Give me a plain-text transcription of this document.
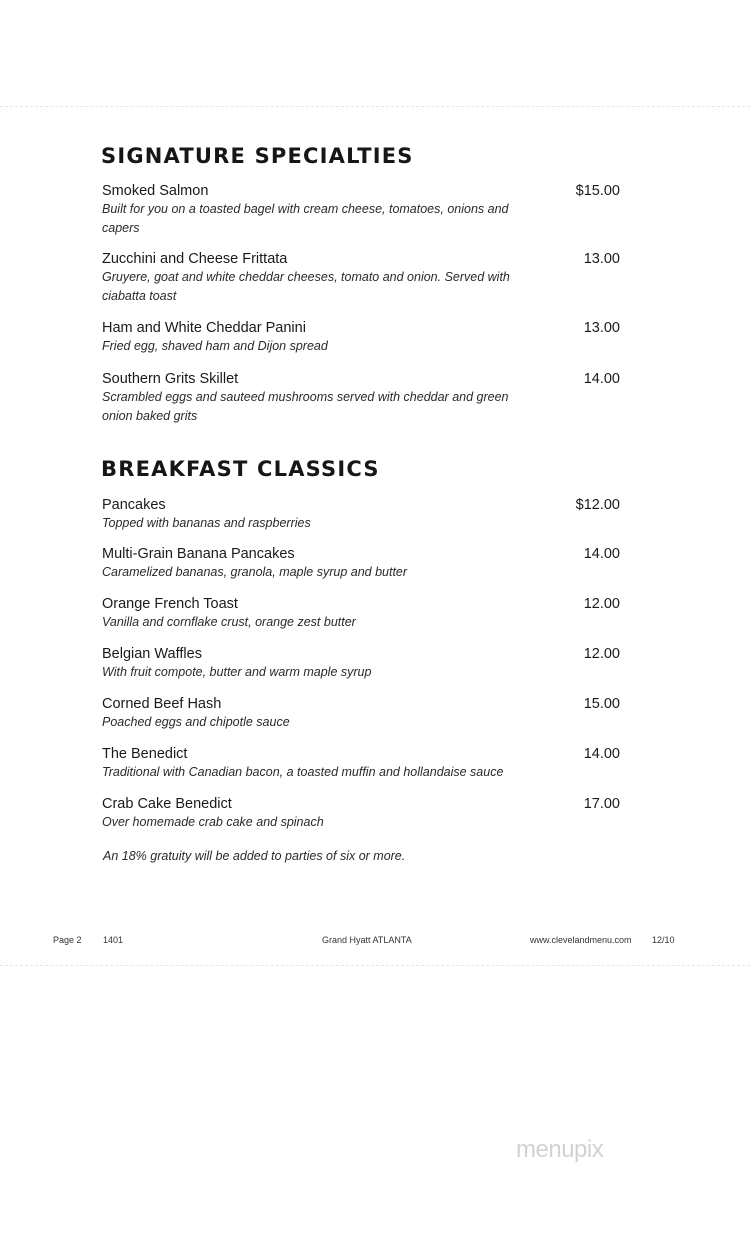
SIGNATURE SPECIALTIES
Smoked Salmon
Built for you on a toasted bagel with cream cheese, tomatoes, onions and capers
$15.00
Zucchini and Cheese Frittata
Gruyere, goat and white cheddar cheeses, tomato and onion. Served with ciabatta toast
13.00
Ham and White Cheddar Panini
Fried egg, shaved ham and Dijon spread
13.00
Southern Grits Skillet
Scrambled eggs and sauteed mushrooms served with cheddar and green onion baked grits
14.00
BREAKFAST CLASSICS
Pancakes
Topped with bananas and raspberries
$12.00
Multi-Grain Banana Pancakes
Caramelized bananas, granola, maple syrup and butter
14.00
Orange French Toast
Vanilla and cornflake crust, orange zest butter
12.00
Belgian Waffles
With fruit compote, butter and warm maple syrup
12.00
Corned Beef Hash
Poached eggs and chipotle sauce
15.00
The Benedict
Traditional with Canadian bacon, a toasted muffin and hollandaise sauce
14.00
Crab Cake Benedict
Over homemade crab cake and spinach
17.00
An 18% gratuity will be added to parties of six or more.
Page 2 1401	Grand Hyatt ATLANTA	www.clevelandmenu.com 12/10
menupix
